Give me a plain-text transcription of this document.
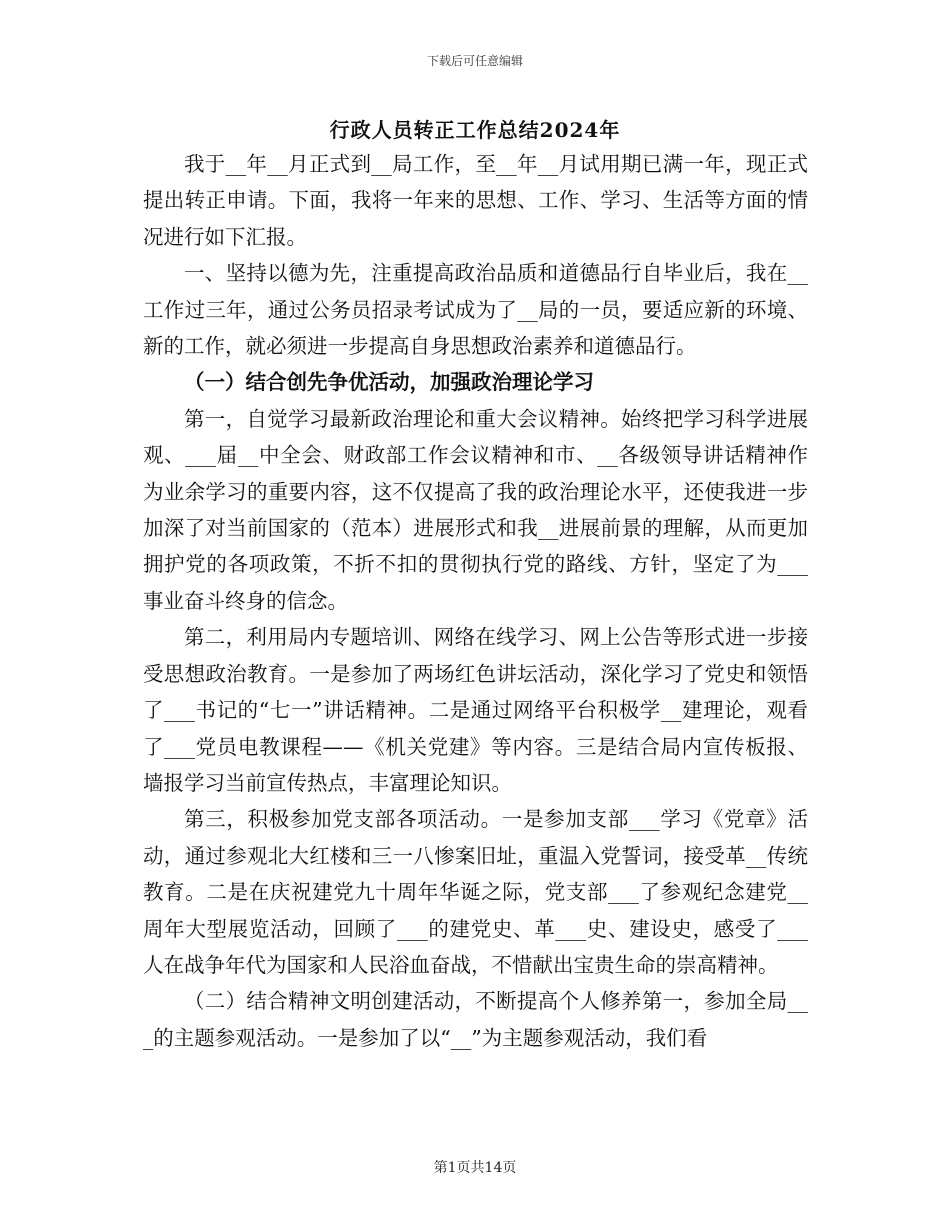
下载后可任意编辑
行政人员转正工作总结2024年

我于__年__月正式到__局工作，至__年__月试用期已满一年，现正式提出转正申请。下面，我将一年来的思想、工作、学习、生活等方面的情况进行如下汇报。

一、坚持以德为先，注重提高政治品质和道德品行自毕业后，我在__工作过三年，通过公务员招录考试成为了__局的一员，要适应新的环境、新的工作，就必须进一步提高自身思想政治素养和道德品行。

（一）结合创先争优活动，加强政治理论学习

第一，自觉学习最新政治理论和重大会议精神。始终把学习科学进展观、___届__中全会、财政部工作会议精神和市、__各级领导讲话精神作为业余学习的重要内容，这不仅提高了我的政治理论水平，还使我进一步加深了对当前国家的（范本）进展形式和我__进展前景的理解，从而更加拥护党的各项政策，不折不扣的贯彻执行党的路线、方针，坚定了为___事业奋斗终身的信念。

第二，利用局内专题培训、网络在线学习、网上公告等形式进一步接受思想政治教育。一是参加了两场红色讲坛活动，深化学习了党史和领悟了___书记的“七一”讲话精神。二是通过网络平台积极学__建理论，观看了___党员电教课程——《机关党建》等内容。三是结合局内宣传板报、墙报学习当前宣传热点，丰富理论知识。

第三，积极参加党支部各项活动。一是参加支部___学习《党章》活动，通过参观北大红楼和三一八惨案旧址，重温入党誓词，接受革__传统教育。二是在庆祝建党九十周年华诞之际，党支部___了参观纪念建党__周年大型展览活动，回顾了___的建党史、革___史、建设史，感受了___人在战争年代为国家和人民浴血奋战，不惜献出宝贵生命的崇高精神。

（二）结合精神文明创建活动，不断提高个人修养第一，参加全局___的主题参观活动。一是参加了以“__”为主题参观活动，我们看

第1页共14页
